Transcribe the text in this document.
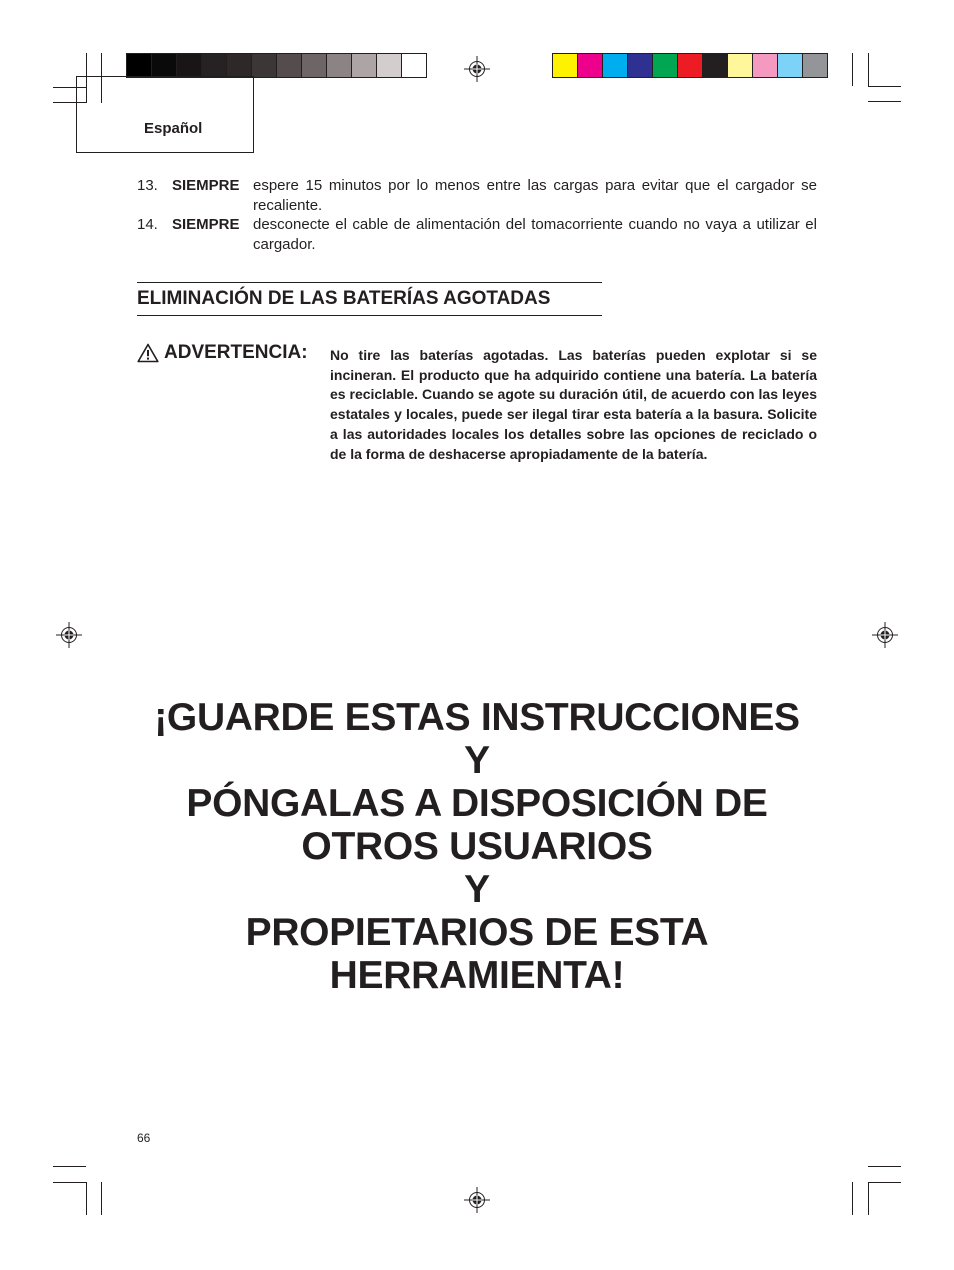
Español
13. SIEMPRE espere 15 minutos por lo menos entre las cargas para evitar que el cargador se recaliente.
14. SIEMPRE desconecte el cable de alimentación del tomacorriente cuando no vaya a utilizar el cargador.
ELIMINACIÓN DE LAS BATERÍAS AGOTADAS
ADVERTENCIA: No tire las baterías agotadas. Las baterías pueden explotar si se incineran. El producto que ha adquirido contiene una batería. La batería es reciclable. Cuando se agote su duración útil, de acuerdo con las leyes estatales y locales, puede ser ilegal tirar esta batería a la basura. Solicite a las autoridades locales los detalles sobre las opciones de reciclado o de la forma de deshacerse apropiadamente de la batería.
¡GUARDE ESTAS INSTRUCCIONES
Y
PÓNGALAS A DISPOSICIÓN DE
OTROS USUARIOS
Y
PROPIETARIOS DE ESTA
HERRAMIENTA!
66
